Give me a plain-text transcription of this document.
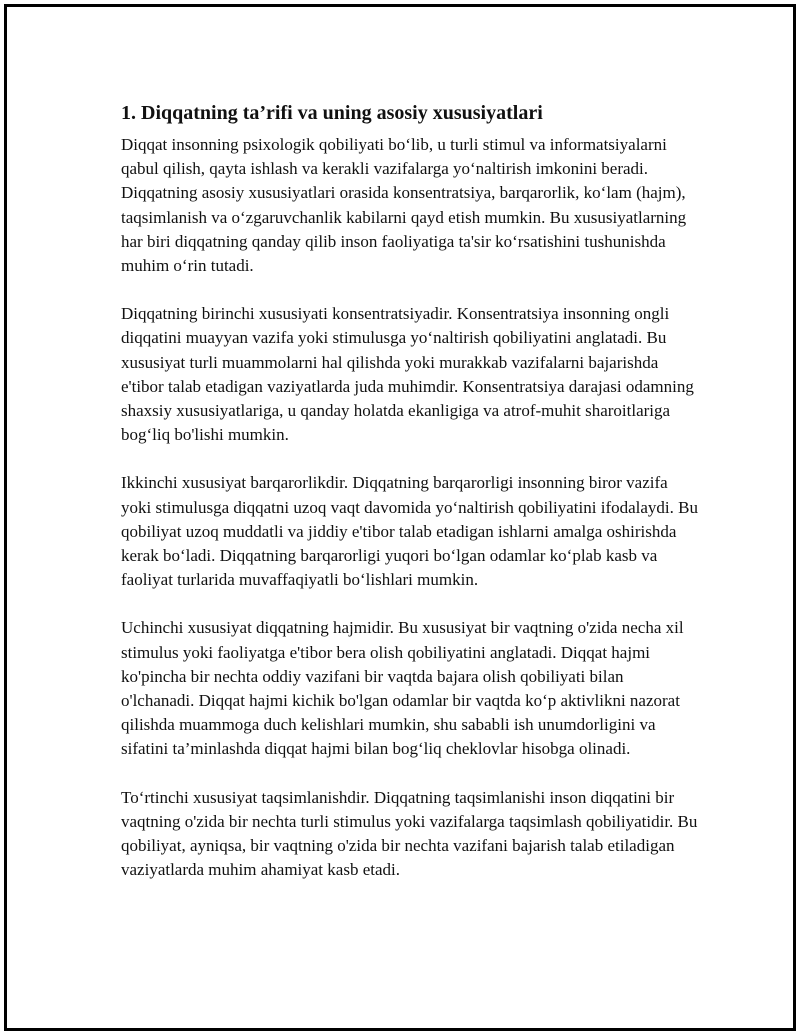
1. Diqqatning ta’rifi va uning asosiy xususiyatlari

Diqqat insonning psixologik qobiliyati bo‘lib, u turli stimul va informatsiyalarni qabul qilish, qayta ishlash va kerakli vazifalarga yo‘naltirish imkonini beradi. Diqqatning asosiy xususiyatlari orasida konsentratsiya, barqarorlik, ko‘lam (hajm), taqsimlanish va o‘zgaruvchanlik kabilarni qayd etish mumkin. Bu xususiyatlarning har biri diqqatning qanday qilib inson faoliyatiga ta'sir ko‘rsatishini tushunishda muhim o‘rin tutadi.

Diqqatning birinchi xususiyati konsentratsiyadir. Konsentratsiya insonning ongli diqqatini muayyan vazifa yoki stimulusga yo‘naltirish qobiliyatini anglatadi. Bu xususiyat turli muammolarni hal qilishda yoki murakkab vazifalarni bajarishda e'tibor talab etadigan vaziyatlarda juda muhimdir. Konsentratsiya darajasi odamning shaxsiy xususiyatlariga, u qanday holatda ekanligiga va atrof-muhit sharoitlariga bog‘liq bo'lishi mumkin.

Ikkinchi xususiyat barqarorlikdir. Diqqatning barqarorligi insonning biror vazifa yoki stimulusga diqqatni uzoq vaqt davomida yo‘naltirish qobiliyatini ifodalaydi. Bu qobiliyat uzoq muddatli va jiddiy e'tibor talab etadigan ishlarni amalga oshirishda kerak bo‘ladi. Diqqatning barqarorligi yuqori bo‘lgan odamlar ko‘plab kasb va faoliyat turlarida muvaffaqiyatli bo‘lishlari mumkin.

Uchinchi xususiyat diqqatning hajmidir. Bu xususiyat bir vaqtning o'zida necha xil stimulus yoki faoliyatga e'tibor bera olish qobiliyatini anglatadi. Diqqat hajmi ko'pincha bir nechta oddiy vazifani bir vaqtda bajara olish qobiliyati bilan o'lchanadi. Diqqat hajmi kichik bo'lgan odamlar bir vaqtda ko‘p aktivlikni nazorat qilishda muammoga duch kelishlari mumkin, shu sababli ish unumdorligini va sifatini ta’minlashda diqqat hajmi bilan bog‘liq cheklovlar hisobga olinadi.

To‘rtinchi xususiyat taqsimlanishdir. Diqqatning taqsimlanishi inson diqqatini bir vaqtning o'zida bir nechta turli stimulus yoki vazifalarga taqsimlash qobiliyatidir. Bu qobiliyat, ayniqsa, bir vaqtning o'zida bir nechta vazifani bajarish talab etiladigan vaziyatlarda muhim ahamiyat kasb etadi.
